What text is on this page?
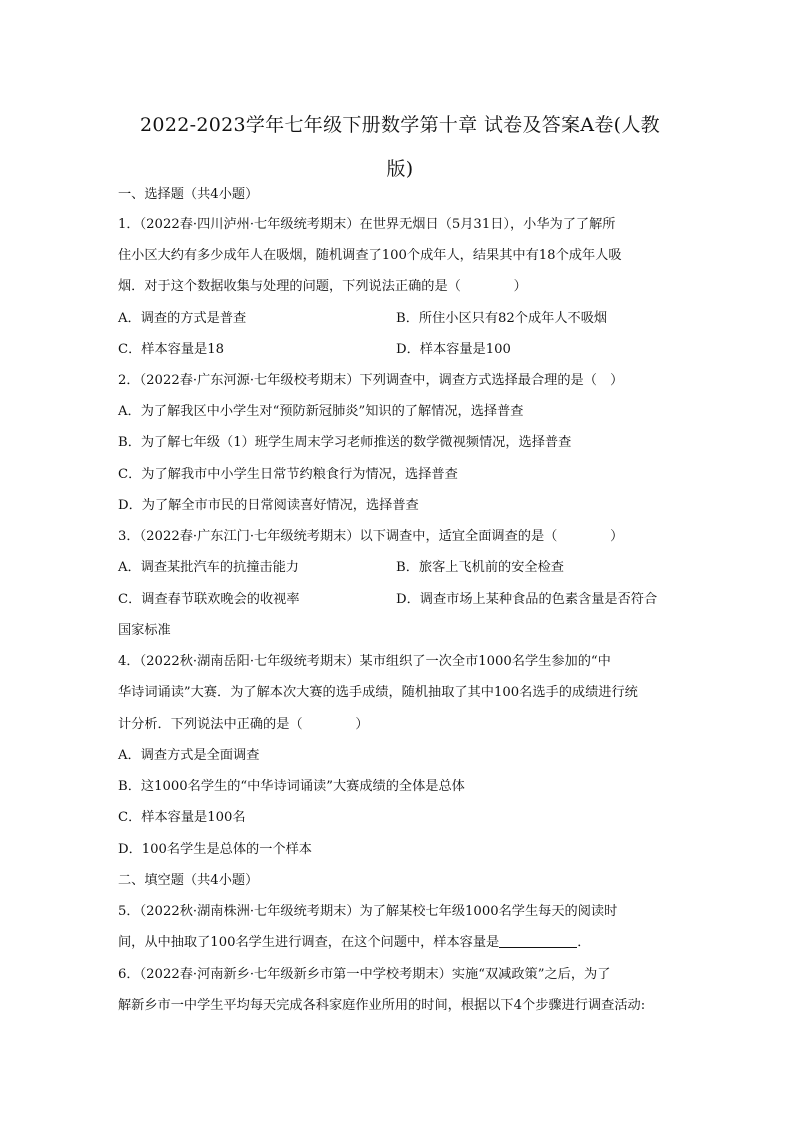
2022-2023学年七年级下册数学第十章 试卷及答案A卷(人教
版)
一、选择题（共4小题）
1．（2022春·四川泸州·七年级统考期末）在世界无烟日（5月31日），小华为了了解所
住小区大约有多少成年人在吸烟，随机调查了100个成年人，结果其中有18个成年人吸
烟．对于这个数据收集与处理的问题，下列说法正确的是（　　　　）
A．调查的方式是普查	B．所住小区只有82个成年人不吸烟
C．样本容量是18	D．样本容量是100
2．（2022春·广东河源·七年级校考期末）下列调查中，调查方式选择最合理的是（　）
A．为了解我区中小学生对“预防新冠肺炎”知识的了解情况，选择普查
B．为了解七年级（1）班学生周末学习老师推送的数学微视频情况，选择普查
C．为了解我市中小学生日常节约粮食行为情况，选择普查
D．为了解全市市民的日常阅读喜好情况，选择普查
3．（2022春·广东江门·七年级统考期末）以下调查中，适宜全面调查的是（　　　　）
A．调查某批汽车的抗撞击能力	B．旅客上飞机前的安全检查
C．调查春节联欢晚会的收视率	D．调查市场上某种食品的色素含量是否符合
国家标准
4．（2022秋·湖南岳阳·七年级统考期末）某市组织了一次全市1000名学生参加的“中
华诗词诵读”大赛．为了解本次大赛的选手成绩，随机抽取了其中100名选手的成绩进行统
计分析．下列说法中正确的是（　　　　）
A．调查方式是全面调查
B．这1000名学生的“中华诗词诵读”大赛成绩的全体是总体
C．样本容量是100名
D．100名学生是总体的一个样本
二、填空题（共4小题）
5．（2022秋·湖南株洲·七年级统考期末）为了解某校七年级1000名学生每天的阅读时
间，从中抽取了100名学生进行调查，在这个问题中，样本容量是	．
6．（2022春·河南新乡·七年级新乡市第一中学校考期末）实施“双减政策”之后，为了
解新乡市一中学生平均每天完成各科家庭作业所用的时间，根据以下4个步骤进行调查活动:
